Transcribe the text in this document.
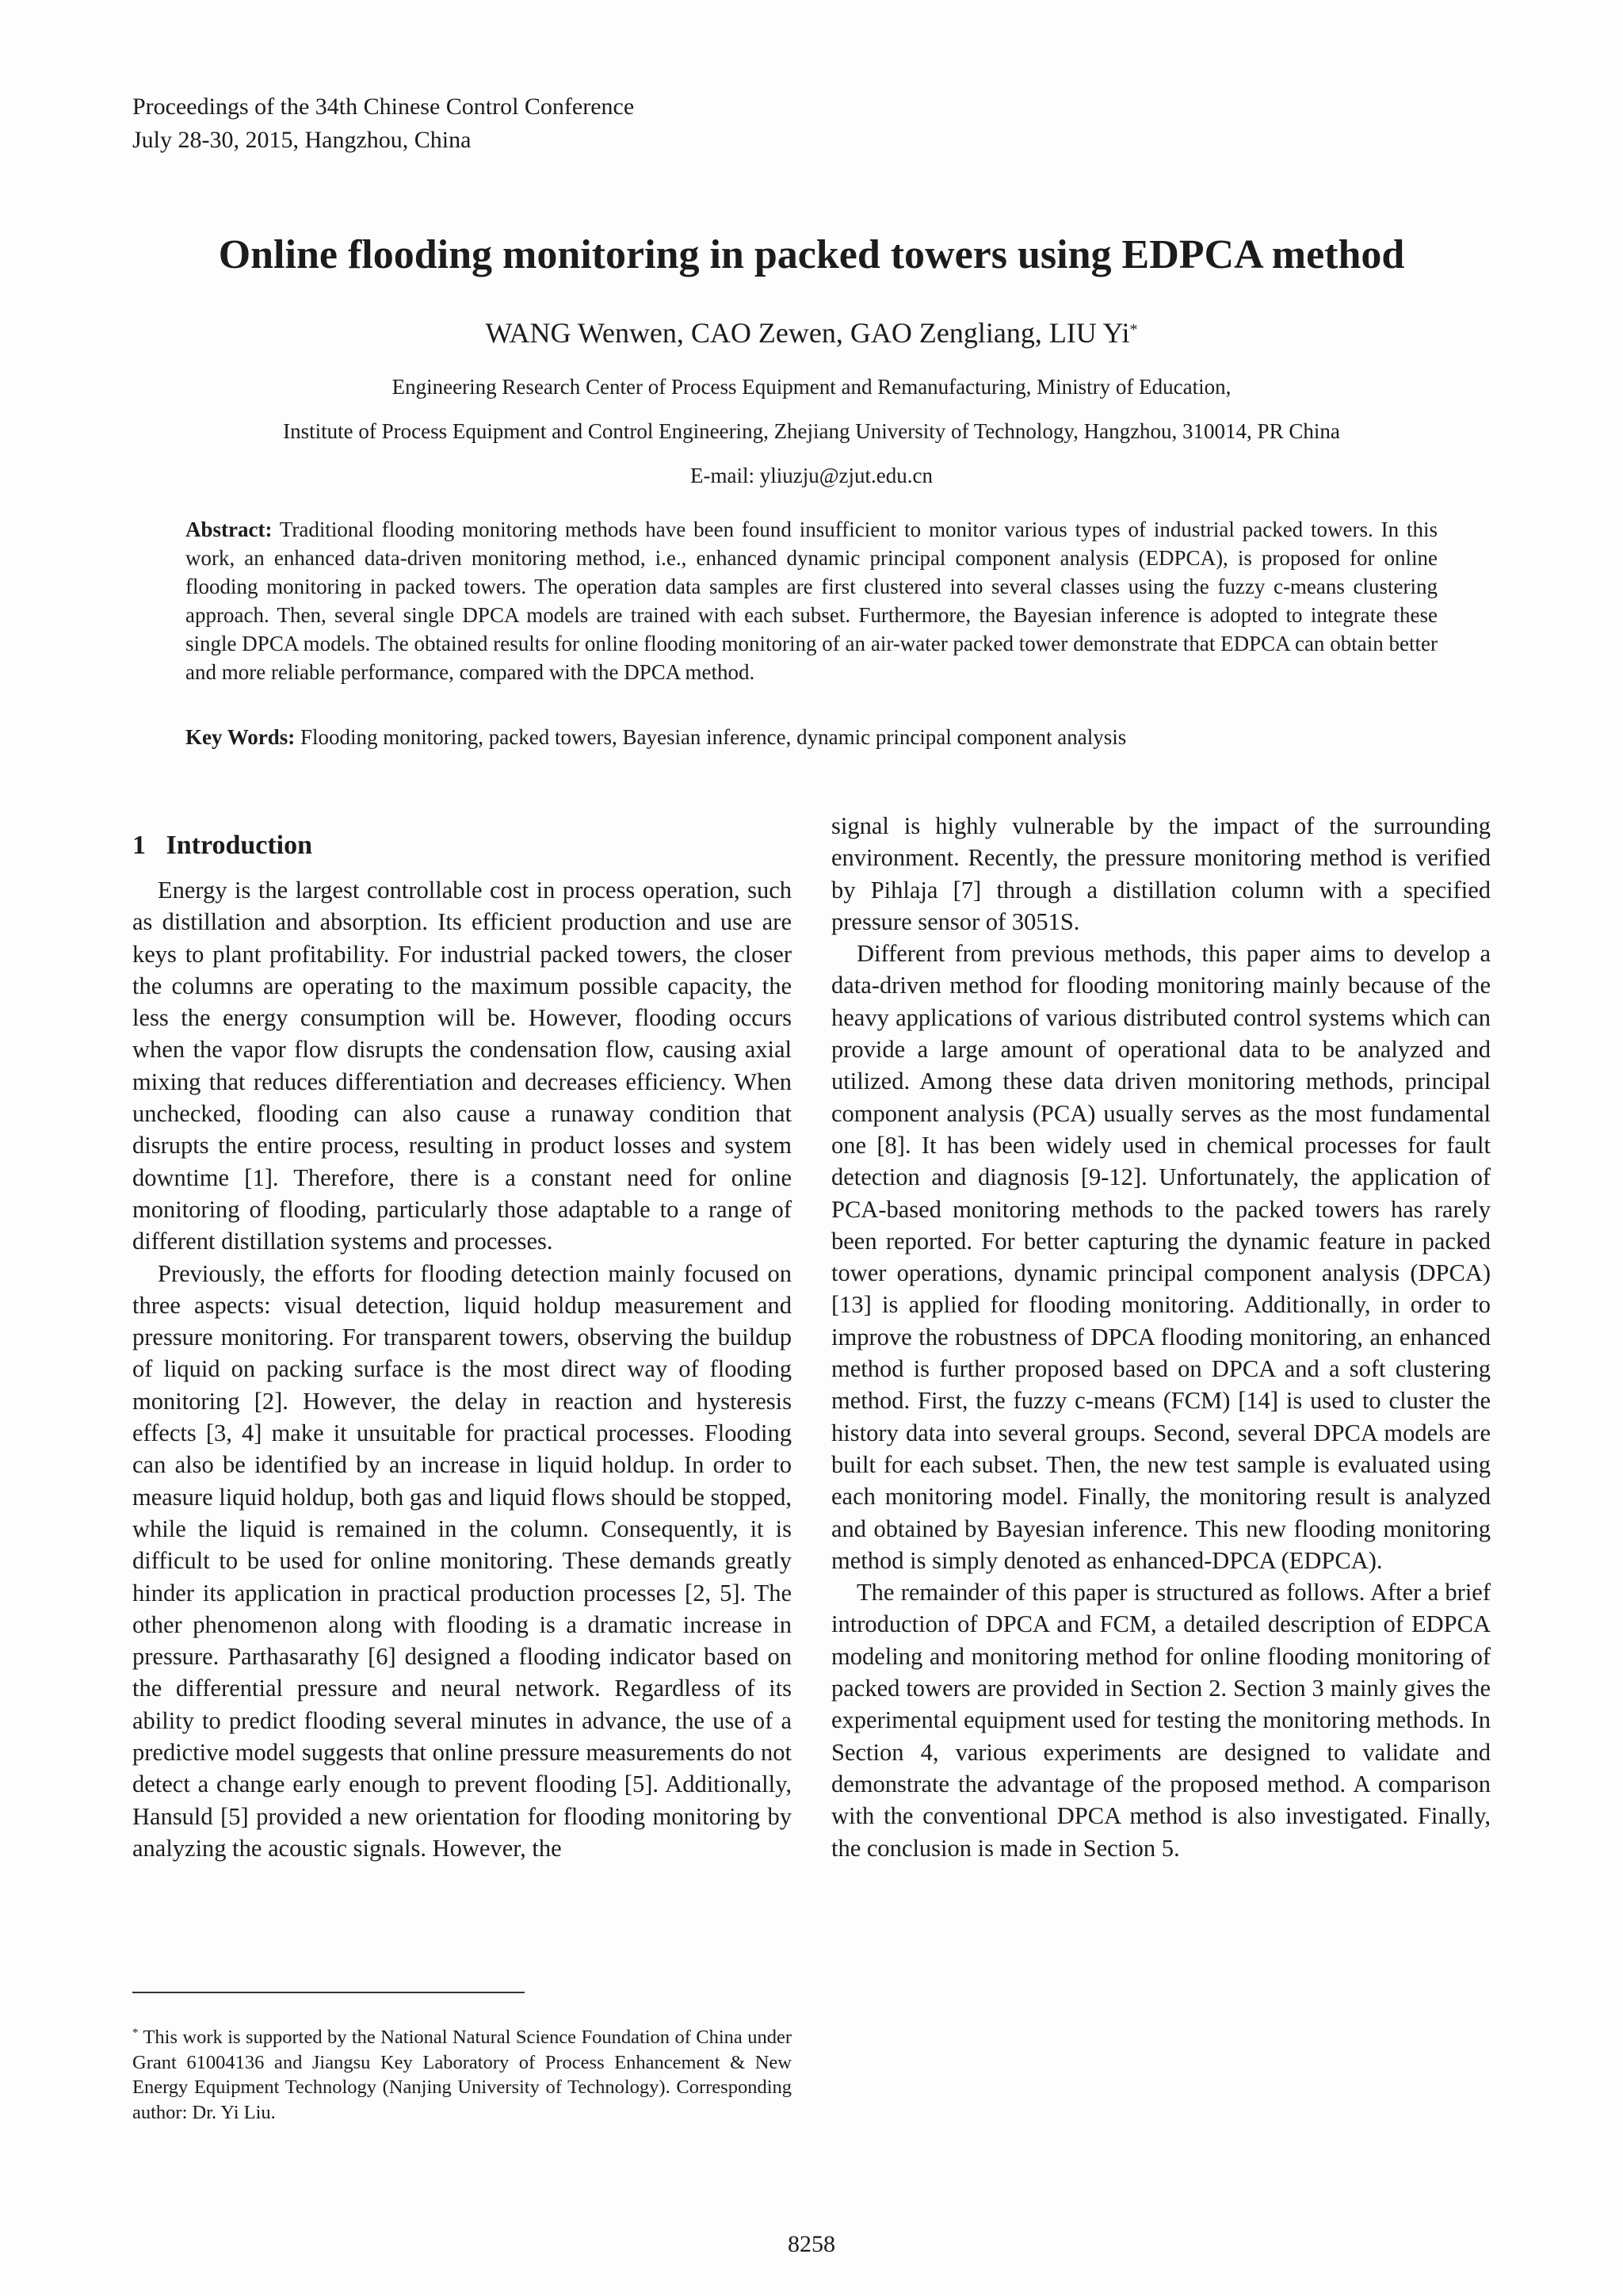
Proceedings of the 34th Chinese Control Conference
July 28-30, 2015, Hangzhou, China
Online flooding monitoring in packed towers using EDPCA method
WANG Wenwen, CAO Zewen, GAO Zengliang, LIU Yi*
Engineering Research Center of Process Equipment and Remanufacturing, Ministry of Education,
Institute of Process Equipment and Control Engineering, Zhejiang University of Technology, Hangzhou, 310014, PR China
E-mail: yliuzju@zjut.edu.cn
Abstract: Traditional flooding monitoring methods have been found insufficient to monitor various types of industrial packed towers. In this work, an enhanced data-driven monitoring method, i.e., enhanced dynamic principal component analysis (EDPCA), is proposed for online flooding monitoring in packed towers. The operation data samples are first clustered into several classes using the fuzzy c-means clustering approach. Then, several single DPCA models are trained with each subset. Furthermore, the Bayesian inference is adopted to integrate these single DPCA models. The obtained results for online flooding monitoring of an air-water packed tower demonstrate that EDPCA can obtain better and more reliable performance, compared with the DPCA method.
Key Words: Flooding monitoring, packed towers, Bayesian inference, dynamic principal component analysis
1 Introduction

Energy is the largest controllable cost in process operation, such as distillation and absorption. Its efficient production and use are keys to plant profitability. For industrial packed towers, the closer the columns are operating to the maximum possible capacity, the less the energy consumption will be. However, flooding occurs when the vapor flow disrupts the condensation flow, causing axial mixing that reduces differentiation and decreases efficiency. When unchecked, flooding can also cause a runaway condition that disrupts the entire process, resulting in product losses and system downtime [1]. Therefore, there is a constant need for online monitoring of flooding, particularly those adaptable to a range of different distillation systems and processes.

Previously, the efforts for flooding detection mainly focused on three aspects: visual detection, liquid holdup measurement and pressure monitoring. For transparent towers, observing the buildup of liquid on packing surface is the most direct way of flooding monitoring [2]. However, the delay in reaction and hysteresis effects [3, 4] make it unsuitable for practical processes. Flooding can also be identified by an increase in liquid holdup. In order to measure liquid holdup, both gas and liquid flows should be stopped, while the liquid is remained in the column. Consequently, it is difficult to be used for online monitoring. These demands greatly hinder its application in practical production processes [2, 5]. The other phenomenon along with flooding is a dramatic increase in pressure. Parthasarathy [6] designed a flooding indicator based on the differential pressure and neural network. Regardless of its ability to predict flooding several minutes in advance, the use of a predictive model suggests that online pressure measurements do not detect a change early enough to prevent flooding [5]. Additionally, Hansuld [5] provided a new orientation for flooding monitoring by analyzing the acoustic signals. However, the

signal is highly vulnerable by the impact of the surrounding environment. Recently, the pressure monitoring method is verified by Pihlaja [7] through a distillation column with a specified pressure sensor of 3051S.

Different from previous methods, this paper aims to develop a data-driven method for flooding monitoring mainly because of the heavy applications of various distributed control systems which can provide a large amount of operational data to be analyzed and utilized. Among these data driven monitoring methods, principal component analysis (PCA) usually serves as the most fundamental one [8]. It has been widely used in chemical processes for fault detection and diagnosis [9-12]. Unfortunately, the application of PCA-based monitoring methods to the packed towers has rarely been reported. For better capturing the dynamic feature in packed tower operations, dynamic principal component analysis (DPCA) [13] is applied for flooding monitoring. Additionally, in order to improve the robustness of DPCA flooding monitoring, an enhanced method is further proposed based on DPCA and a soft clustering method. First, the fuzzy c-means (FCM) [14] is used to cluster the history data into several groups. Second, several DPCA models are built for each subset. Then, the new test sample is evaluated using each monitoring model. Finally, the monitoring result is analyzed and obtained by Bayesian inference. This new flooding monitoring method is simply denoted as enhanced-DPCA (EDPCA).

The remainder of this paper is structured as follows. After a brief introduction of DPCA and FCM, a detailed description of EDPCA modeling and monitoring method for online flooding monitoring of packed towers are provided in Section 2. Section 3 mainly gives the experimental equipment used for testing the monitoring methods. In Section 4, various experiments are designed to validate and demonstrate the advantage of the proposed method. A comparison with the conventional DPCA method is also investigated. Finally, the conclusion is made in Section 5.

* This work is supported by the National Natural Science Foundation of China under Grant 61004136 and Jiangsu Key Laboratory of Process Enhancement & New Energy Equipment Technology (Nanjing University of Technology). Corresponding author: Dr. Yi Liu.
8258
